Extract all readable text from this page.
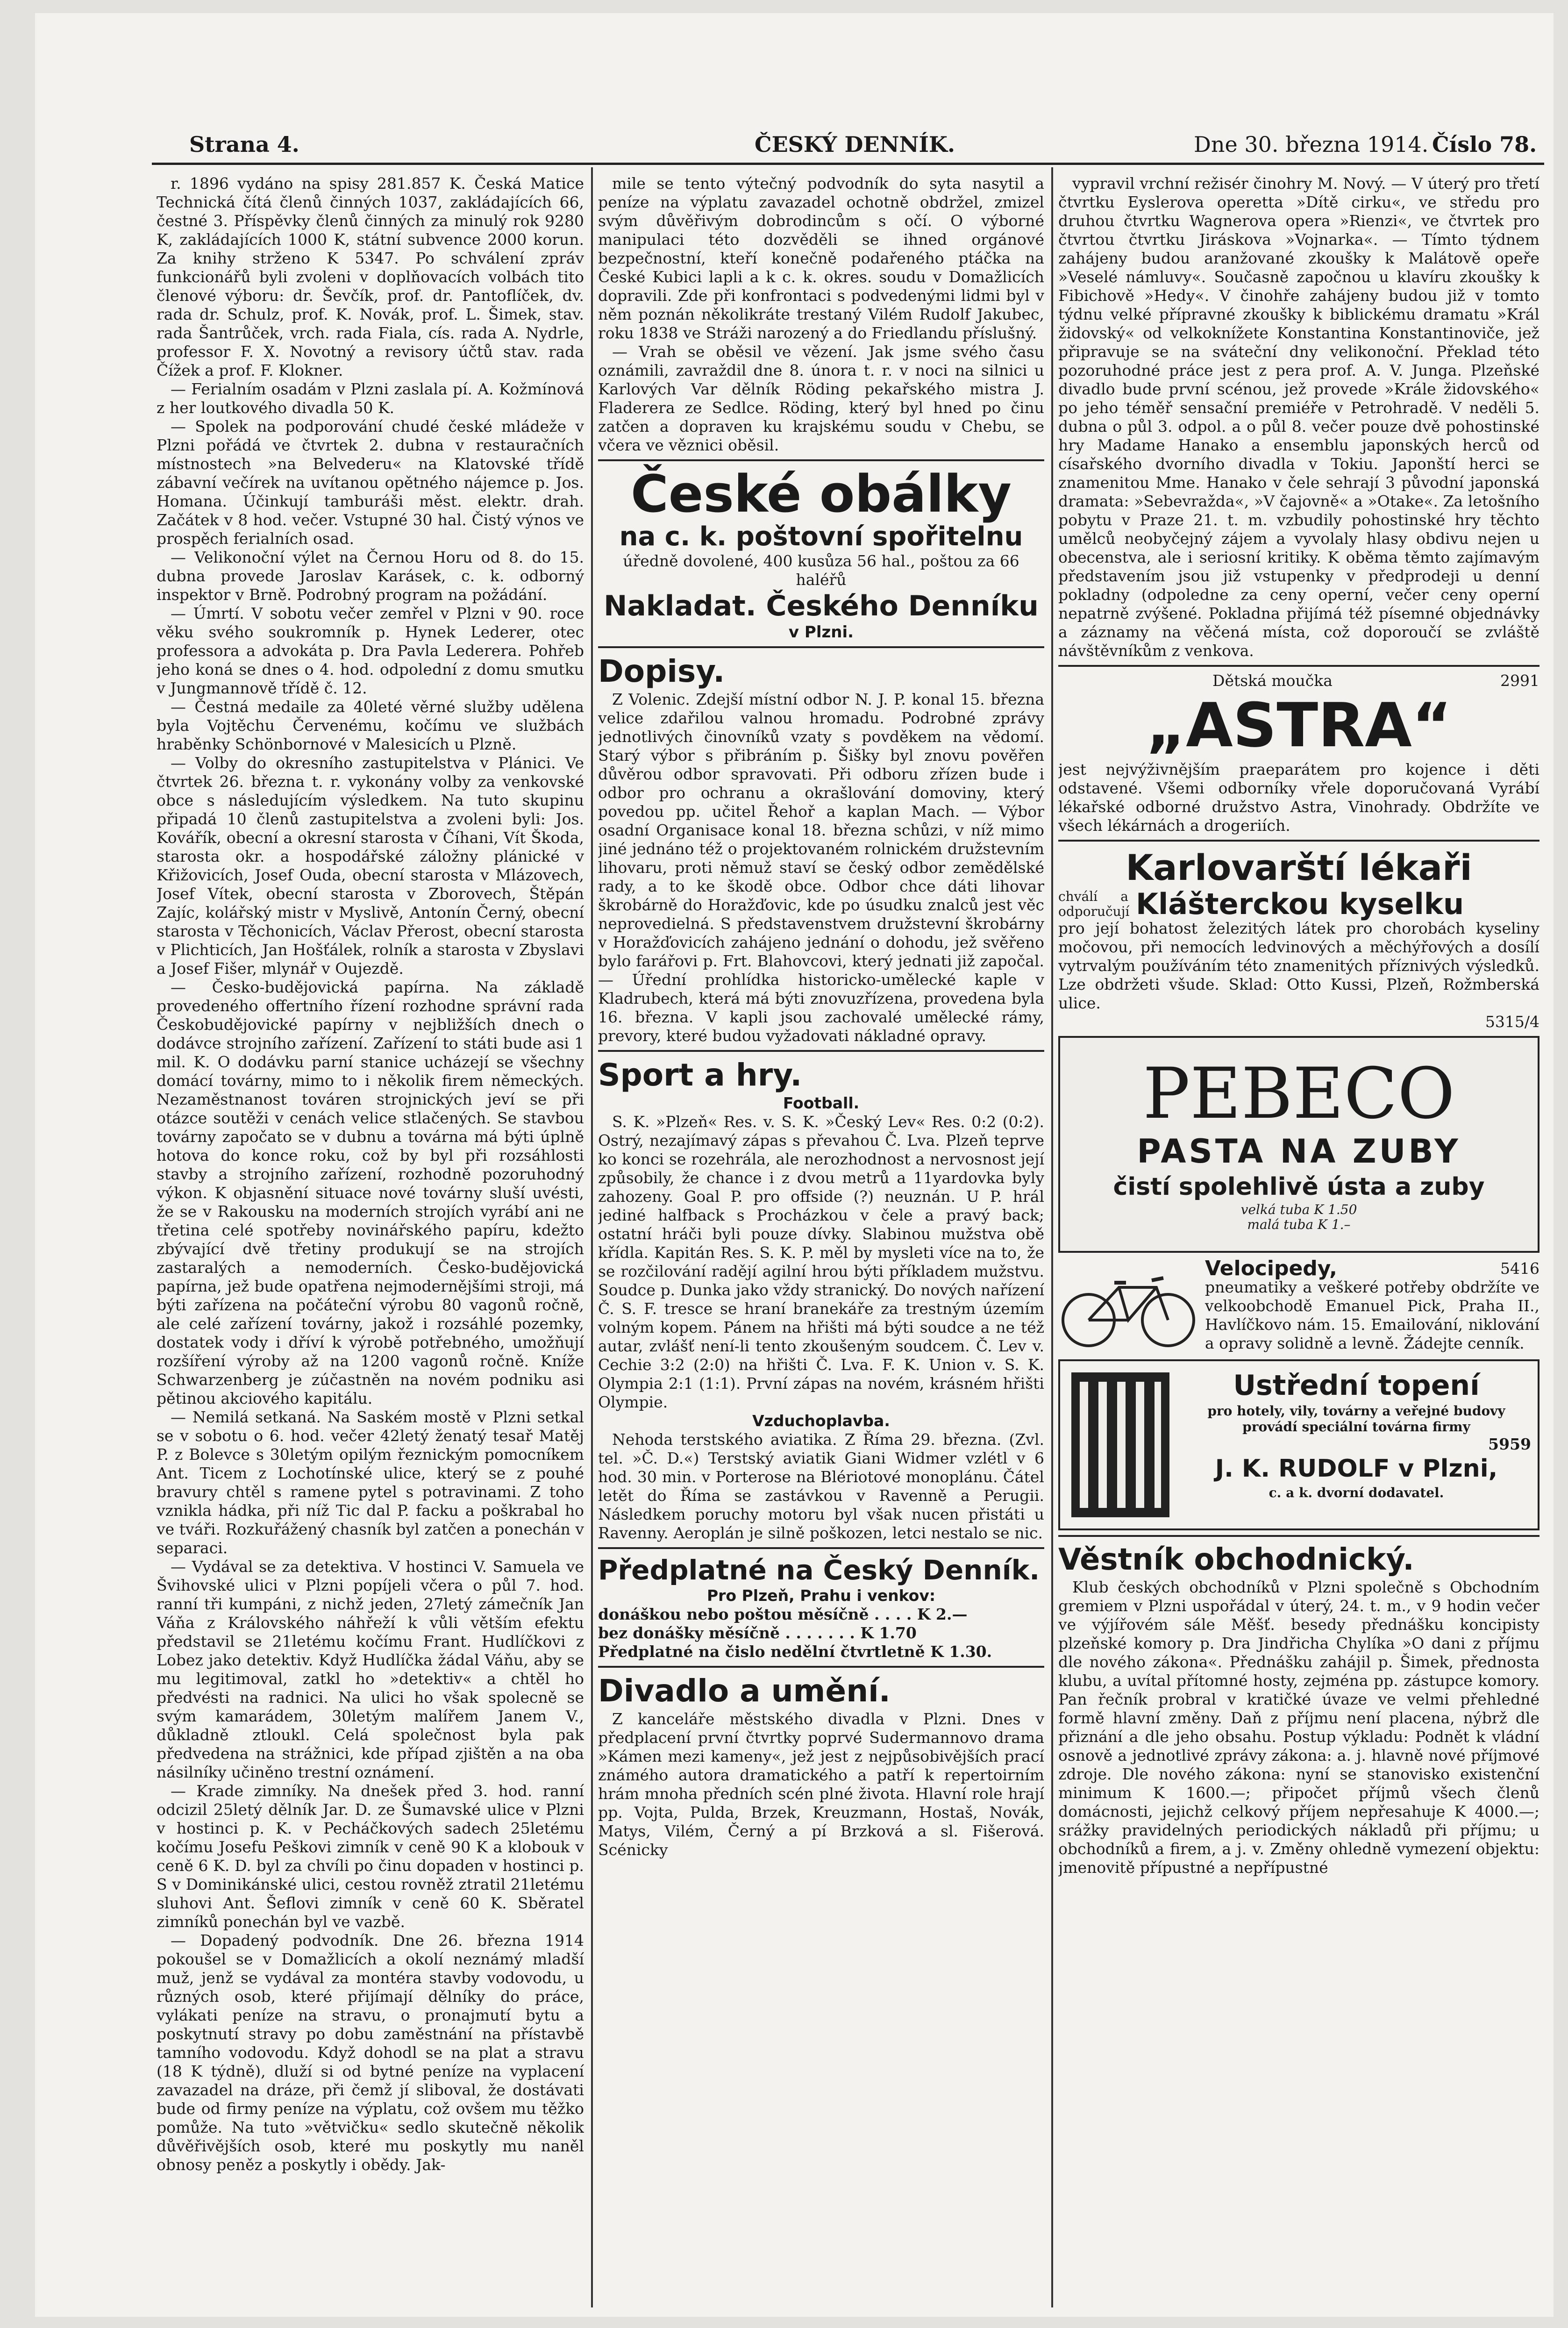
Strana 4.	ČESKÝ DENNÍK.	Dne 30. března 1914. Číslo 78.

r. 1896 vydáno na spisy 281.857 K. Česká Matice Technická čítá členů činných 1037, zakládajících 66, čestné 3. Příspěvky členů činných za minulý rok 9280 K, zakládajících 1000 K, státní subvence 2000 korun. Za knihy strženo K 5347. Po schválení zpráv funkcionářů byli zvoleni v doplňovacích volbách tito členové výboru: dr. Ševčík, prof. dr. Pantoflíček, dv. rada dr. Schulz, prof. K. Novák, prof. L. Šimek, stav. rada Šantrůček, vrch. rada Fiala, cís. rada A. Nydrle, professor F. X. Novotný a revisory účtů stav. rada Čížek a prof. F. Klokner.

— Ferialním osadám v Plzni zaslala pí. A. Kožmínová z her loutkového divadla 50 K.

— Spolek na podporování chudé české mládeže v Plzni pořádá ve čtvrtek 2. dubna v restauračních místnostech »na Belvederu« na Klatovské třídě zábavní večírek na uvítanou opětného nájemce p. Jos. Homana. Účinkují tamburáši měst. elektr. drah. Začátek v 8 hod. večer. Vstupné 30 hal. Čistý výnos ve prospěch ferialních osad.

— Velikonoční výlet na Černou Horu od 8. do 15. dubna provede Jaroslav Karásek, c. k. odborný inspektor v Brně. Podrobný program na požádání.

— Úmrtí. V sobotu večer zemřel v Plzni v 90. roce věku svého soukromník p. Hynek Lederer, otec professora a advokáta p. Dra Pavla Lederera. Pohřeb jeho koná se dnes o 4. hod. odpolední z domu smutku v Jungmannově třídě č. 12.

— Čestná medaile za 40leté věrné služby udělena byla Vojtěchu Červenému, kočímu ve službách hraběnky Schönbornové v Malesicích u Plzně.

— Volby do okresního zastupitelstva v Plánici. Ve čtvrtek 26. března t. r. vykonány volby za venkovské obce s následujícím výsledkem. Na tuto skupinu připadá 10 členů zastupitelstva a zvoleni byli: Jos. Kovářík, obecní a okresní starosta v Číhani, Vít Škoda, starosta okr. a hospodářské záložny plánické v Křižovicích, Josef Ouda, obecní starosta v Mlázovech, Josef Vítek, obecní starosta v Zborovech, Štěpán Zajíc, kolářský mistr v Myslivě, Antonín Černý, obecní starosta v Těchonicích, Václav Přerost, obecní starosta v Plichticích, Jan Hošťálek, rolník a starosta v Zbyslavi a Josef Fišer, mlynář v Oujezdě.

— Česko-budějovická papírna. Na základě provedeného offertního řízení rozhodne správní rada Českobudějovické papírny v nejbližších dnech o dodávce strojního zařízení. Zařízení to státi bude asi 1 mil. K. O dodávku parní stanice ucházejí se všechny domácí továrny, mimo to i několik firem německých. Nezaměstnanost továren strojnických jeví se při otázce soutěži v cenách velice stlačených. Se stavbou továrny započato se v dubnu a továrna má býti úplně hotova do konce roku, což by byl při rozsáhlosti stavby a strojního zařízení, rozhodně pozoruhodný výkon. K objasnění situace nové továrny sluší uvésti, že se v Rakousku na moderních strojích vyrábí ani ne třetina celé spotřeby novinářského papíru, kdežto zbývající dvě třetiny produkují se na strojích zastaralých a nemoderních. Česko-budějovická papírna, jež bude opatřena nejmodernějšími stroji, má býti zařízena na počáteční výrobu 80 vagonů ročně, ale celé zařízení továrny, jakož i rozsáhlé pozemky, dostatek vody i dříví k výrobě potřebného, umožňují rozšíření výroby až na 1200 vagonů ročně. Kníže Schwarzenberg je zúčastněn na novém podniku asi pětinou akciového kapitálu.

— Nemilá setkaná. Na Saském mostě v Plzni setkal se v sobotu o 6. hod. večer 42letý ženatý tesař Matěj P. z Bolevce s 30letým opilým řeznickým pomocníkem Ant. Ticem z Lochotínské ulice, který se z pouhé bravury chtěl s ramene pytel s potravinami. Z toho vznikla hádka, při níž Tic dal P. facku a poškrabal ho ve tváři. Rozkuřážený chasník byl zatčen a ponechán v separaci.

— Vydával se za detektiva. V hostinci V. Samuela ve Švihovské ulici v Plzni popíjeli včera o půl 7. hod. ranní tři kumpáni, z nichž jeden, 27letý zámečník Jan Váňa z Královského náhřeží k vůli větším efektu představil se 21letému kočímu Frant. Hudlíčkovi z Lobez jako detektiv. Když Hudlíčka žádal Váňu, aby se mu legitimoval, zatkl ho »detektiv« a chtěl ho předvésti na radnici. Na ulici ho však spolecně se svým kamarádem, 30letým malířem Janem V., důkladně ztloukl. Celá společnost byla pak předvedena na strážnici, kde případ zjištěn a na oba násilníky učiněno trestní oznámení.

— Krade zimníky. Na dnešek před 3. hod. ranní odcizil 25letý dělník Jar. D. ze Šumavské ulice v Plzni v hostinci p. K. v Pecháčkových sadech 25letému kočímu Josefu Peškovi zimník v ceně 90 K a klobouk v ceně 6 K. D. byl za chvíli po činu dopaden v hostinci p. S v Dominikánské ulici, cestou rovněž ztratil 21letému sluhovi Ant. Šeflovi zimník v ceně 60 K. Sběratel zimníků ponechán byl ve vazbě.

— Dopadený podvodník. Dne 26. března 1914 pokoušel se v Domažlicích a okolí neznámý mladší muž, jenž se vydával za montéra stavby vodovodu, u různých osob, které přijímají dělníky do práce, vylákati peníze na stravu, o pronajmutí bytu a poskytnutí stravy po dobu zaměstnání na přístavbě tamního vodovodu. Když dohodl se na plat a stravu (18 K týdně), dluží si od bytné peníze na vyplacení zavazadel na dráze, při čemž jí sliboval, že dostávati bude od firmy peníze na výplatu, což ovšem mu těžko pomůže. Na tuto »větvičku« sedlo skutečně několik důvěřivějších osob, které mu poskytly mu naněl obnosy peněz a poskytly i obědy. Jak-

mile se tento výtečný podvodník do syta nasytil a peníze na výplatu zavazadel ochotně obdržel, zmizel svým důvěřivým dobrodincům s očí. O výborné manipulaci této dozvěděli se ihned orgánové bezpečnostní, kteří konečně podařeného ptáčka na České Kubici lapli a k c. k. okres. soudu v Domažlicích dopravili. Zde při konfrontaci s podvedenými lidmi byl v něm poznán několikráte trestaný Vilém Rudolf Jakubec, roku 1838 ve Stráži narozený a do Friedlandu příslušný.

— Vrah se oběsil ve vězení. Jak jsme svého času oznámili, zavraždil dne 8. února t. r. v noci na silnici u Karlových Var dělník Röding pekařského mistra J. Fladerera ze Sedlce. Röding, který byl hned po činu zatčen a dopraven ku krajskému soudu v Chebu, se včera ve věznici oběsil.

České obálky
na c. k. poštovní spořitelnu
úředně dovolené, 400 kusůza 56 hal., poštou za 66 haléřů
Nakladat. Českého Denníku
v Plzni.
Dopisy.

Z Volenic. Zdejší místní odbor N. J. P. konal 15. března velice zdařilou valnou hromadu. Podrobné zprávy jednotlivých činovníků vzaty s povděkem na vědomí. Starý výbor s přibráním p. Šišky byl znovu pověřen důvěrou odbor spravovati. Při odboru zřízen bude i odbor pro ochranu a okrašlování domoviny, který povedou pp. učitel Řehoř a kaplan Mach. — Výbor osadní Organisace konal 18. března schůzi, v níž mimo jiné jednáno též o projektovaném rolnickém družstevním lihovaru, proti němuž staví se český odbor zemědělské rady, a to ke škodě obce. Odbor chce dáti lihovar škrobárně do Horažďovic, kde po úsudku znalců jest věc neprovedielná. S představenstvem družstevní škrobárny v Horažďovicích zahájeno jednání o dohodu, jež svěřeno bylo farářovi p. Frt. Blahovcovi, který jednati již započal. — Úřední prohlídka historicko-umělecké kaple v Kladrubech, která má býti znovuzřízena, provedena byla 16. března. V kapli jsou zachovalé umělecké rámy, prevory, které budou vyžadovati nákladné opravy.

Sport a hry.
Football.

S. K. »Plzeň« Res. v. S. K. »Český Lev« Res. 0:2 (0:2). Ostrý, nezajímavý zápas s převahou Č. Lva. Plzeň teprve ko konci se rozehrála, ale nerozhodnost a nervosnost její způsobily, že chance i z dvou metrů a 11yardovka byly zahozeny. Goal P. pro offside (?) neuznán. U P. hrál jediné halfback s Procházkou v čele a pravý back; ostatní hráči byli pouze dívky. Slabinou mužstva obě křídla. Kapitán Res. S. K. P. měl by mysleti více na to, že se rozčilování radějí agilní hrou býti příkladem mužstvu. Soudce p. Dunka jako vždy stranický. Do nových nařízení Č. S. F. tresce se hraní branekáře za trestným územím volným kopem. Pánem na hřišti má býti soudce a ne též autar, zvlášť není-li tento zkoušeným soudcem. Č. Lev v. Cechie 3:2 (2:0) na hřišti Č. Lva. F. K. Union v. S. K. Olympia 2:1 (1:1). První zápas na novém, krásném hřišti Olympie.

Vzduchoplavba.

Nehoda terstského aviatika. Z Říma 29. března. (Zvl. tel. »Č. D.«) Terstský aviatik Giani Widmer vzlétl v 6 hod. 30 min. v Porterose na Blériotové monoplánu. Čátel letět do Říma se zastávkou v Ravenně a Perugii. Následkem poruchy motoru byl však nucen přistáti u Ravenny. Aeroplán je silně poškozen, letci nestalo se nic.

Předplatné na Český Denník.
Pro Plzeň, Prahu i venkov:
donáškou nebo poštou měsíčně . . . . K 2.—
bez donášky měsíčně . . . . . . . K 1.70
Předplatné na čislo nedělní čtvrtletně K 1.30.
Divadlo a umění.

Z kanceláře městského divadla v Plzni. Dnes v předplacení první čtvrtky poprvé Sudermannovo drama »Kámen mezi kameny«, jež jest z nejpůsobivějších prací známého autora dramatického a patří k repertoirním hrám mnoha předních scén plné života. Hlavní role hrají pp. Vojta, Pulda, Brzek, Kreuzmann, Hostaš, Novák, Matys, Vilém, Černý a pí Brzková a sl. Fišerová. Scénicky

vypravil vrchní režisér činohry M. Nový. — V úterý pro třetí čtvrtku Eyslerova operetta »Dítě cirku«, ve středu pro druhou čtvrtku Wagnerova opera »Rienzi«, ve čtvrtek pro čtvrtou čtvrtku Jiráskova »Vojnarka«. — Tímto týdnem zahájeny budou aranžované zkoušky k Malátově opeře »Veselé námluvy«. Současně započnou u klavíru zkoušky k Fibichově »Hedy«. V činohře zahájeny budou již v tomto týdnu velké přípravné zkoušky k biblickému dramatu »Král židovský« od velkoknížete Konstantina Konstantinoviče, jež připravuje se na sváteční dny velikonoční. Překlad této pozoruhodné práce jest z pera prof. A. V. Junga. Plzeňské divadlo bude první scénou, jež provede »Krále židovského« po jeho téměř sensační premiéře v Petrohradě. V neděli 5. dubna o půl 3. odpol. a o půl 8. večer pouze dvě pohostinské hry Madame Hanako a ensemblu japonských herců od císařského dvorního divadla v Tokiu. Japonští herci se znamenitou Mme. Hanako v čele sehrají 3 původní japonská dramata: »Sebevražda«, »V čajovně« a »Otake«. Za letošního pobytu v Praze 21. t. m. vzbudily pohostinské hry těchto umělců neobyčejný zájem a vyvolaly hlasy obdivu nejen u obecenstva, ale i seriosní kritiky. K oběma těmto zajímavým představením jsou již vstupenky v předprodeji u denní pokladny (odpoledne za ceny operní, večer ceny operní nepatrně zvýšené. Pokladna přijímá též písemné objednávky a záznamy na věčená místa, což doporoučí se zvláště návštěvníkům z venkova.

Dětská moučka	2991
„ASTRA“
jest nejvýživnějším praeparátem pro kojence i děti odstavené. Všemi odborníky vřele doporučovaná Vyrábí lékařské odborné družstvo Astra, Vinohrady. Obdržíte ve všech lékárnách a drogeriích.
Karlovarští lékaři
chválí a odporučují Klášterckou kyselku
pro její bohatost železitých látek pro chorobách kyseliny močovou, při nemocích ledvinových a měchýřových a dosílí vytrvalým používáním této znamenitých příznivých výsledků. Lze obdržeti všude. Sklad: Otto Kussi, Plzeň, Rožmberská ulice.
5315/4
PEBECO
PASTA NA ZUBY
čistí spolehlivě ústa a zuby
velká tuba K 1.50
malá tuba K 1.–
Velocipedy,	5416
pneumatiky a veškeré potřeby obdržíte ve velkoobchodě Emanuel Pick, Praha II., Havlíčkovo nám. 15. Emailování, niklování a opravy solidně a levně. Žádejte cenník.
Ustřední topení
pro hotely, vily, továrny a veřejné budovy provádí speciální továrna firmy
5959
J. K. RUDOLF v Plzni,
c. a k. dvorní dodavatel.
Věstník obchodnický.

Klub českých obchodníků v Plzni společně s Obchodním gremiem v Plzni uspořádal v úterý, 24. t. m., v 9 hodin večer ve výjířovém sále Měšť. besedy přednášku koncipisty plzeňské komory p. Dra Jindřicha Chylíka »O dani z příjmu dle nového zákona«. Přednášku zahájil p. Šimek, přednosta klubu, a uvítal přítomné hosty, zejména pp. zástupce komory. Pan řečník probral v kratičké úvaze ve velmi přehledné formě hlavní změny. Daň z příjmu není placena, nýbrž dle přiznání a dle jeho obsahu. Postup výkladu: Podnět k vládní osnově a jednotlivé zprávy zákona: a. j. hlavně nové příjmové zdroje. Dle nového zákona: nyní se stanovisko existenční minimum K 1600.—; připočet příjmů všech členů domácnosti, jejichž celkový příjem nepřesahuje K 4000.—; srážky pravidelných periodických nákladů při příjmu; u obchodníků a firem, a j. v. Změny ohledně vymezení objektu: jmenovitě přípustné a nepřípustné
